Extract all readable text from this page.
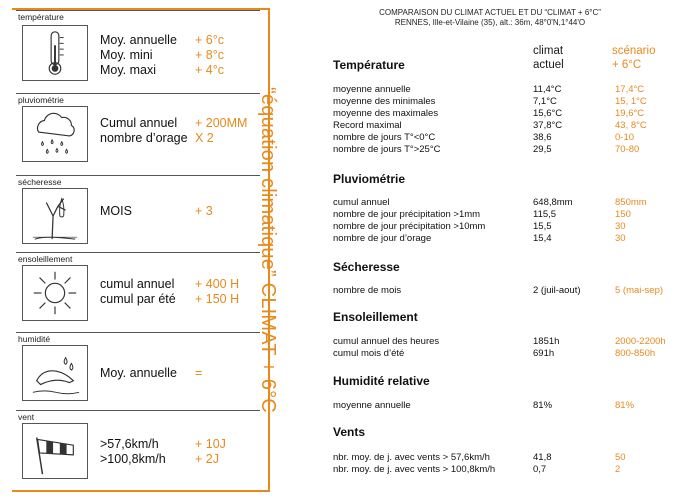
“équation climatique” CLIMAT + 6°C
température
Moy. annuelle + 6°c
Moy. mini	+ 8°c
Moy. maxi	+ 4°c
pluviométrie
Cumul annuel + 200MM
nombre d’orage X 2
sécheresse
MOIS	+ 3
ensoleillement
cumul annuel + 400 H
cumul par été + 150 H
humidité
Moy. annuelle =
vent
>57,6km/h	+ 10J
>100,8km/h + 2J
COMPARAISON DU CLIMAT ACTUEL ET DU “CLIMAT + 6°C”
RENNES, Ille-et-Vilaine (35), alt.: 36m, 48°0'N,1°44'O
climat
actuel
scénario
+ 6°C
Température
moyenne annuelle	11,4°C	17,4°C
moyenne des minimales	7,1°C	15, 1°C
moyenne des maximales	15,6°C	19,6°C
Record maximal	37,8°C	43, 8°C
nombre de jours T°<0°C	38,6	0-10
nombre de jours T°>25°C	29,5	70-80
Pluviométrie
cumul annuel	648,8mm	850mm
nombre de jour précipitation >1mm	115,5	150
nombre de jour précipitation >10mm	15,5	30
nombre de jour d’orage	15,4	30
Sécheresse
nombre de mois	2 (juil-aout)	5 (mai-sep)
Ensoleillement
cumul annuel des heures	1851h	2000-2200h
cumul mois d’été	691h	800-850h
Humidité relative
moyenne annuelle	81%	81%
Vents
nbr. moy. de j. avec vents > 57,6km/h	41,8	50
nbr. moy. de j. avec vents > 100,8km/h	0,7	2
